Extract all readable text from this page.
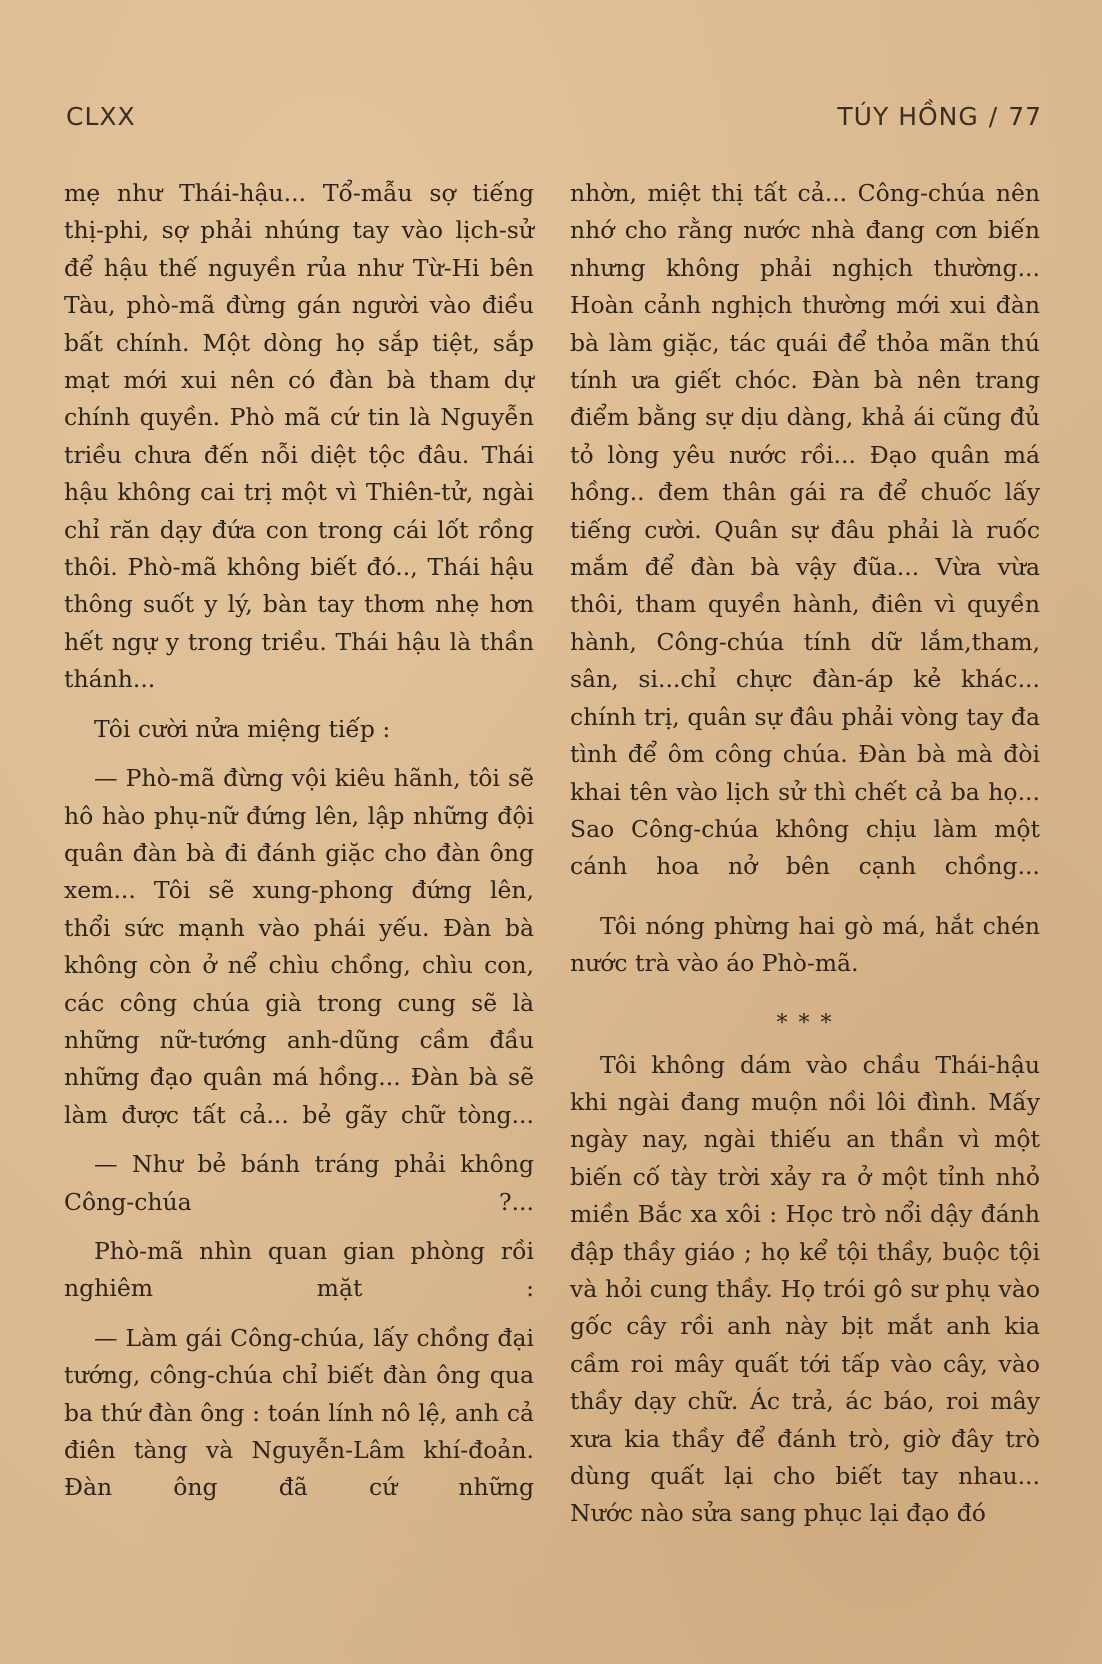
CLXX	TÚY HỒNG / 77

mẹ như Thái-hậu... Tổ-mẫu sợ tiếng thị-phi, sợ phải nhúng tay vào lịch-sử để hậu thế nguyền rủa như Từ-Hi bên Tàu, phò-mã đừng gán người vào điều bất chính. Một dòng họ sắp tiệt, sắp mạt mới xui nên có đàn bà tham dự chính quyền. Phò mã cứ tin là Nguyễn triều chưa đến nỗi diệt tộc đâu. Thái hậu không cai trị một vì Thiên-tử, ngài chỉ răn dạy đứa con trong cái lốt rồng thôi. Phò-mã không biết đó.., Thái hậu thông suốt y lý, bàn tay thơm nhẹ hơn hết ngự y trong triều. Thái hậu là thần thánh...

Tôi cười nửa miệng tiếp :

— Phò-mã đừng vội kiêu hãnh, tôi sẽ hô hào phụ-nữ đứng lên, lập những đội quân đàn bà đi đánh giặc cho đàn ông xem... Tôi sẽ xung-phong đứng lên, thổi sức mạnh vào phái yếu. Đàn bà không còn ở nể chìu chồng, chìu con, các công chúa già trong cung sẽ là những nữ-tướng anh-dũng cầm đầu những đạo quân má hồng... Đàn bà sẽ làm được tất cả... bẻ gãy chữ tòng...

— Như bẻ bánh tráng phải không Công-chúa ?...

Phò-mã nhìn quan gian phòng rồi nghiêm mặt :

— Làm gái Công-chúa, lấy chồng đại tướng, công-chúa chỉ biết đàn ông qua ba thứ đàn ông : toán lính nô lệ, anh cả điên tàng và Nguyễn-Lâm khí-đoản. Đàn ông đã cứ những

nhờn, miệt thị tất cả... Công-chúa nên nhớ cho rằng nước nhà đang cơn biến nhưng không phải nghịch thường... Hoàn cảnh nghịch thường mới xui đàn bà làm giặc, tác quái để thỏa mãn thú tính ưa giết chóc. Đàn bà nên trang điểm bằng sự dịu dàng, khả ái cũng đủ tỏ lòng yêu nước rồi... Đạo quân má hồng.. đem thân gái ra để chuốc lấy tiếng cười. Quân sự đâu phải là ruốc mắm để đàn bà vậy đũa... Vừa vừa thôi, tham quyền hành, điên vì quyền hành, Công-chúa tính dữ lắm,tham, sân, si...chỉ chực đàn-áp kẻ khác... chính trị, quân sự đâu phải vòng tay đa tình để ôm công chúa. Đàn bà mà đòi khai tên vào lịch sử thì chết cả ba họ... Sao Công-chúa không chịu làm một cánh hoa nở bên cạnh chồng...

Tôi nóng phừng hai gò má, hắt chén nước trà vào áo Phò-mã.

* * *

Tôi không dám vào chầu Thái-hậu khi ngài đang muộn nồi lôi đình. Mấy ngày nay, ngài thiếu an thần vì một biến cố tày trời xảy ra ở một tỉnh nhỏ miền Bắc xa xôi : Học trò nổi dậy đánh đập thầy giáo ; họ kể tội thầy, buộc tội và hỏi cung thầy. Họ trói gô sư phụ vào gốc cây rồi anh này bịt mắt anh kia cầm roi mây quất tới tấp vào cây, vào thầy dạy chữ. Ác trả, ác báo, roi mây xưa kia thầy để đánh trò, giờ đây trò dùng quất lại cho biết tay nhau...

Nước nào sửa sang phục lại đạo đó
